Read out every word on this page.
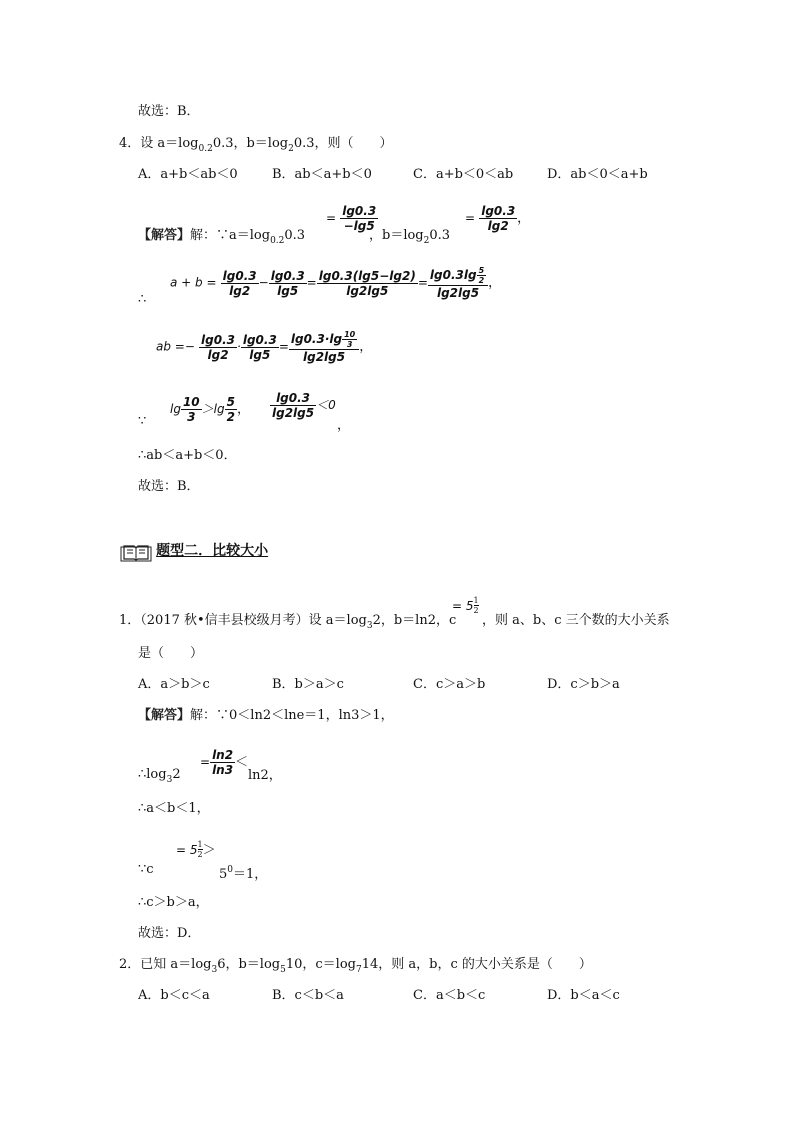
故选：B．
4．设 $a=\log_{0.2}0.3$，$b=\log_20.3$，则（　　）
A．a+b＜ab＜0	B．ab＜a+b＜0	C．a+b＜0＜ab	D．ab＜0＜a+b
【解答】解：$\because a=\log_{0.2}0.3$
= $\frac{\lg 0.3}{-\lg 5}$
，$b=\log_20.3$
= $\frac{\lg 0.3}{\lg 2}$ ，
∴
$a + b = \frac{\lg 0.3}{\lg 2} - \frac{\lg 0.3}{\lg 5} = \frac{\lg 0.3(\lg 5-\lg 2)}{\lg 2\lg 5} = \frac{\lg 0.3\lg \frac{5}{2}}{\lg 2\lg 5}$ ，
ab =− $\frac{\lg 0.3}{\lg 2} \cdot \frac{\lg 0.3}{\lg 5} = \frac{\lg 0.3\cdot\lg \frac{10}{3}}{\lg 2\lg 5}$ ，
∵
$\lg \frac{10}{3} >\lg \frac{5}{2}$ ， $\frac{\lg 0.3}{\lg 2\lg 5} <0$
，
∴ab＜a+b＜0．
故选：B．
题型二．比较大小
1．（2017 秋•信丰县校级月考）设 $a=\log_32$，b＝ln2，c
= $5 \frac{1}{2}$
，则 a、b、c 三个数的大小关系
是（　　）
A．a＞b＞c	B．b＞a＞c	C．c＞a＞b	D．c＞b＞a
【解答】解：∵0＜ln2＜lne＝1，ln3＞1，
$\therefore\log_32$
= $\frac{\ln 2}{\ln 3}$ ＜
ln2，
∴a＜b＜1，
∵c
= $5 \frac{1}{2}$ ＞
$5^0=1$，
∴c＞b＞a，
故选：D．
2．已知 $a=\log_36$，$b=\log_510$，$c=\log_714$，则 a，b，c 的大小关系是（　　）
A．b＜c＜a	B．c＜b＜a	C．a＜b＜c	D．b＜a＜c
